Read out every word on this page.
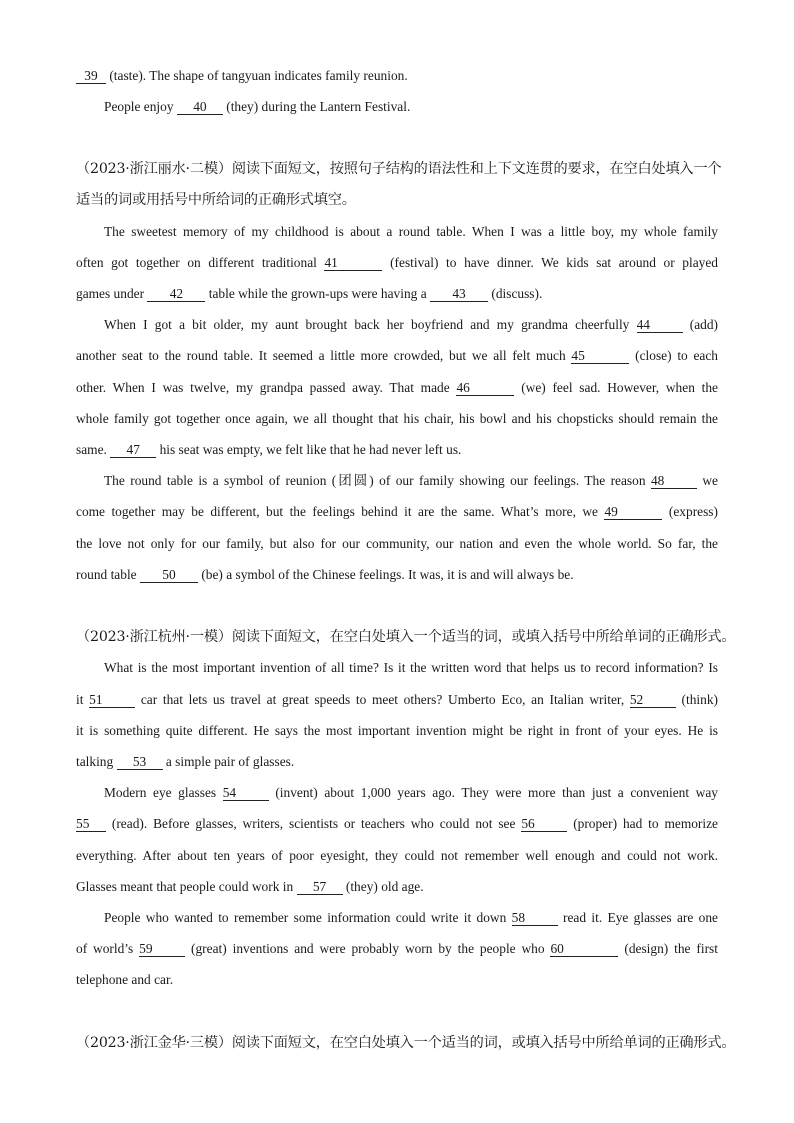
39 (taste). The shape of tangyuan indicates family reunion.
People enjoy 40 (they) during the Lantern Festival.
（2023·浙江丽水·二模）阅读下面短文，按照句子结构的语法性和上下文连贯的要求，在空白处填入一个
适当的词或用括号中所给词的正确形式填空。
The sweetest memory of my childhood is about a round table. When I was a little boy, my whole family
often got together on different traditional 41	(festival) to have dinner. We kids sat around or played
games under 42 table while the grown-ups were having a 43 (discuss).
When I got a bit older, my aunt brought back her boyfriend and my grandma cheerfully 44 (add)
another seat to the round table. It seemed a little more crowded, but we all felt much 45	(close) to each
other. When I was twelve, my grandpa passed away. That made 46	(we) feel sad. However, when the
whole family got together once again, we all thought that his chair, his bowl and his chopsticks should remain the
same. 47 his seat was empty, we felt like that he had never left us.
The round table is a symbol of reunion (团圆) of our family showing our feelings. The reason 48 we
come together may be different, but the feelings behind it are the same. What’s more, we 49	(express)
the love not only for our family, but also for our community, our nation and even the whole world. So far, the
round table 50 (be) a symbol of the Chinese feelings. It was, it is and will always be.
（2023·浙江杭州·一模）阅读下面短文，在空白处填入一个适当的词，或填入括号中所给单词的正确形式。
What is the most important invention of all time? Is it the written word that helps us to record information? Is
it 51 car that lets us travel at great speeds to meet others? Umberto Eco, an Italian writer, 52 (think)
it is something quite different. He says the most important invention might be right in front of your eyes. He is
talking 53 a simple pair of glasses.
Modern eye glasses 54 (invent) about 1,000 years ago. They were more than just a convenient way
55 (read). Before glasses, writers, scientists or teachers who could not see 56 (proper) had to memorize
everything. After about ten years of poor eyesight, they could not remember well enough and could not work.
Glasses meant that people could work in 57 (they) old age.
People who wanted to remember some information could write it down 58 read it. Eye glasses are one
of world’s 59 (great) inventions and were probably worn by the people who 60	(design) the first
telephone and car.
（2023·浙江金华·三模）阅读下面短文，在空白处填入一个适当的词，或填入括号中所给单词的正确形式。
